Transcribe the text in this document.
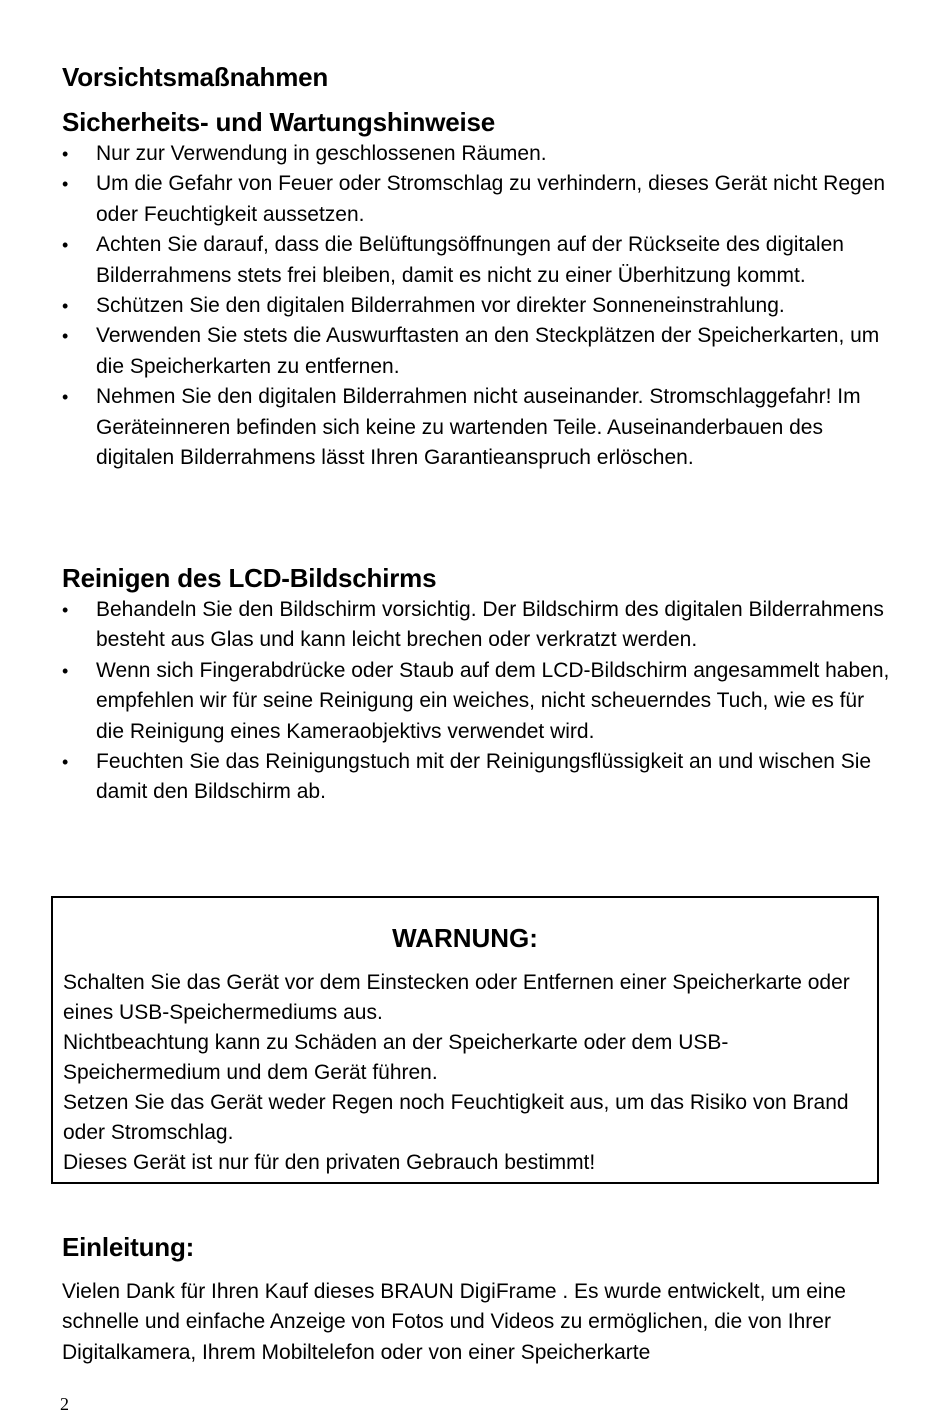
Vorsichtsmaßnahmen
Sicherheits- und Wartungshinweise
• Nur zur Verwendung in geschlossenen Räumen.
• Um die Gefahr von Feuer oder Stromschlag zu verhindern, dieses Gerät nicht Regen oder Feuchtigkeit aussetzen.
• Achten Sie darauf, dass die Belüftungsöffnungen auf der Rückseite des digitalen Bilderrahmens stets frei bleiben, damit es nicht zu einer Überhitzung kommt.
• Schützen Sie den digitalen Bilderrahmen vor direkter Sonneneinstrahlung.
• Verwenden Sie stets die Auswurftasten an den Steckplätzen der Speicherkarten, um die Speicherkarten zu entfernen.
• Nehmen Sie den digitalen Bilderrahmen nicht auseinander. Stromschlaggefahr! Im Geräteinneren befinden sich keine zu wartenden Teile. Auseinanderbauen des digitalen Bilderrahmens lässt Ihren Garantieanspruch erlöschen.
Reinigen des LCD-Bildschirms
• Behandeln Sie den Bildschirm vorsichtig. Der Bildschirm des digitalen Bilderrahmens besteht aus Glas und kann leicht brechen oder verkratzt werden.
• Wenn sich Fingerabdrücke oder Staub auf dem LCD-Bildschirm angesammelt haben, empfehlen wir für seine Reinigung ein weiches, nicht scheuerndes Tuch, wie es für die Reinigung eines Kameraobjektivs verwendet wird.
• Feuchten Sie das Reinigungstuch mit der Reinigungsflüssigkeit an und wischen Sie damit den Bildschirm ab.
WARNUNG:

Schalten Sie das Gerät vor dem Einstecken oder Entfernen einer Speicherkarte oder eines USB-Speichermediums aus.

Nichtbeachtung kann zu Schäden an der Speicherkarte oder dem USB-Speichermedium und dem Gerät führen.

Setzen Sie das Gerät weder Regen noch Feuchtigkeit aus, um das Risiko von Brand oder Stromschlag.

Dieses Gerät ist nur für den privaten Gebrauch bestimmt!

Einleitung:

Vielen Dank für Ihren Kauf dieses BRAUN DigiFrame . Es wurde entwickelt, um eine schnelle und einfache Anzeige von Fotos und Videos zu ermöglichen, die von Ihrer Digitalkamera, Ihrem Mobiltelefon oder von einer Speicherkarte

2
